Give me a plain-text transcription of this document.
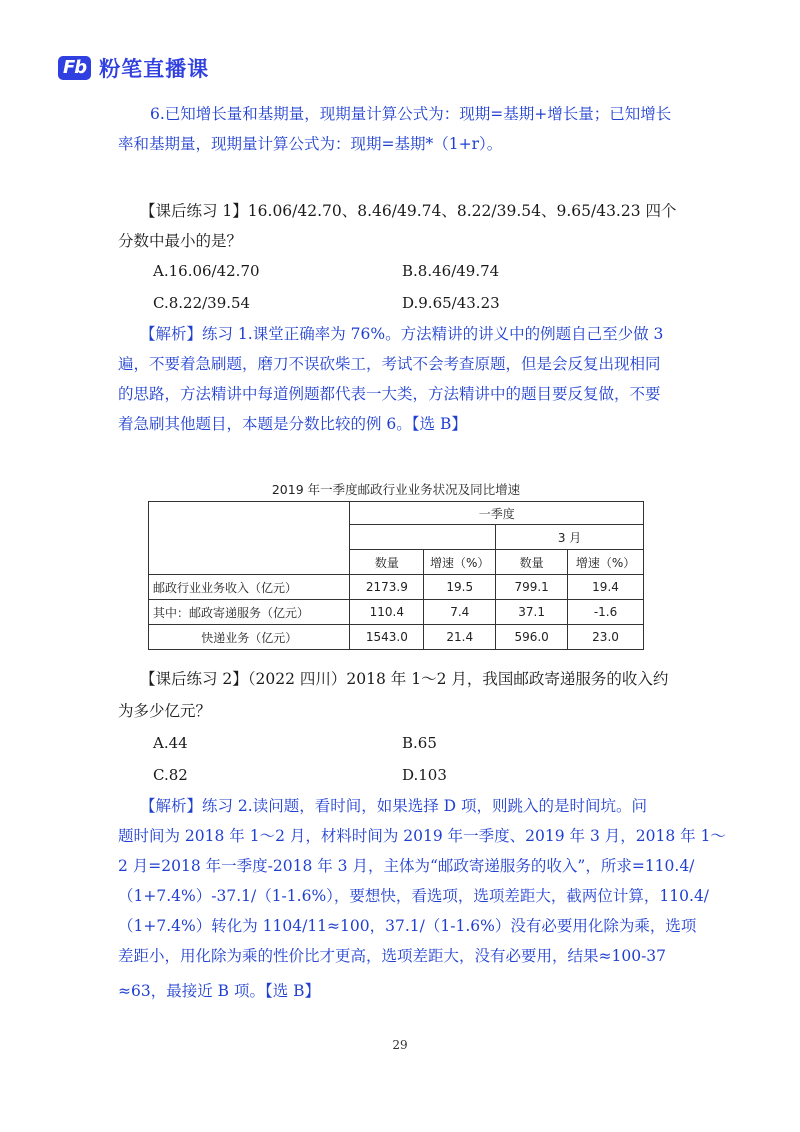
Fb 粉笔直播课
6.已知增长量和基期量，现期量计算公式为：现期=基期+增长量；已知增长
率和基期量，现期量计算公式为：现期=基期*（1+r）。
【课后练习 1】16.06/42.70、8.46/49.74、8.22/39.54、9.65/43.23 四个
分数中最小的是？
A.16.06/42.70	B.8.46/49.74
C.8.22/39.54	D.9.65/43.23
【解析】练习 1.课堂正确率为 76%。方法精讲的讲义中的例题自己至少做 3
遍，不要着急刷题，磨刀不误砍柴工，考试不会考查原题，但是会反复出现相同
的思路，方法精讲中每道例题都代表一大类，方法精讲中的题目要反复做，不要
着急刷其他题目，本题是分数比较的例 6。【选 B】
2019 年一季度邮政行业业务状况及同比增速
	一季度			
			3 月	
	数量	增速（%）	数量	增速（%）
邮政行业业务收入（亿元）	2173.9	19.5	799.1	19.4
其中：邮政寄递服务（亿元）	110.4	7.4	37.1	-1.6
快递业务（亿元）	1543.0	21.4	596.0	23.0
【课后练习 2】（2022 四川）2018 年 1～2 月，我国邮政寄递服务的收入约
为多少亿元？
A.44	B.65
C.82	D.103
【解析】练习 2.读问题，看时间，如果选择 D 项，则跳入的是时间坑。问
题时间为 2018 年 1～2 月，材料时间为 2019 年一季度、2019 年 3 月，2018 年 1～
2 月=2018 年一季度-2018 年 3 月，主体为“邮政寄递服务的收入”，所求=110.4/
（1+7.4%）-37.1/（1-1.6%），要想快，看选项，选项差距大，截两位计算，110.4/
（1+7.4%）转化为 1104/11≈100，37.1/（1-1.6%）没有必要用化除为乘，选项
差距小，用化除为乘的性价比才更高，选项差距大，没有必要用，结果≈100-37
≈63，最接近 B 项。【选 B】
29
